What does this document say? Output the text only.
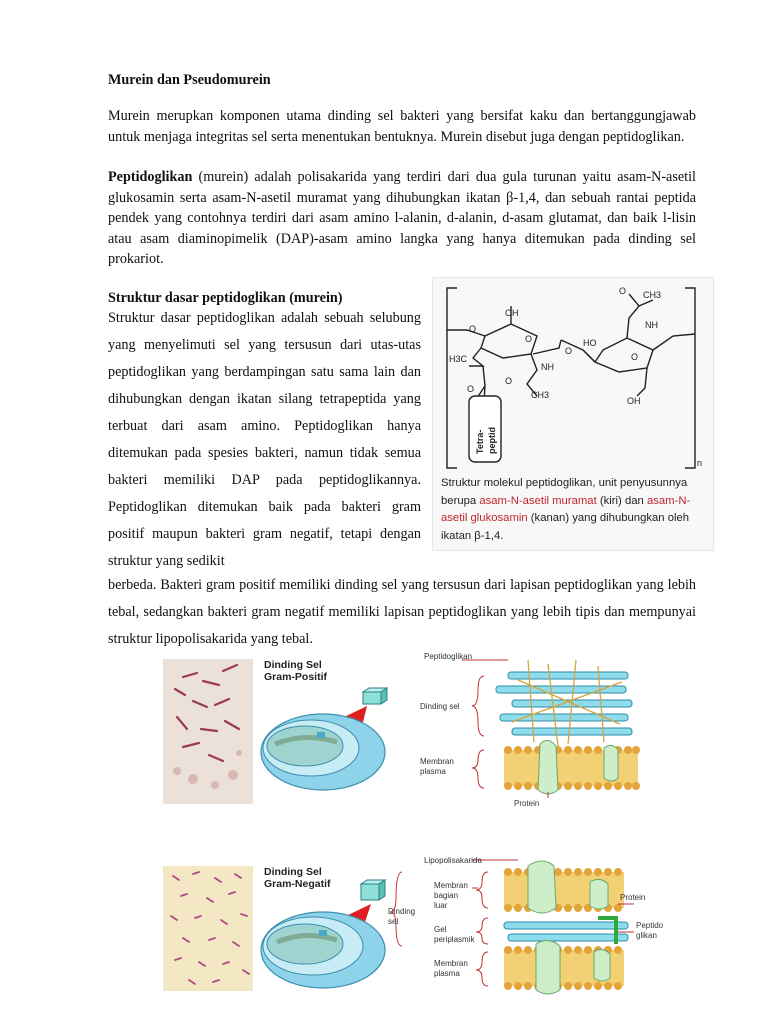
Murein dan Pseudomurein

Murein merupkan komponen utama dinding sel bakteri yang bersifat kaku dan bertanggungjawab untuk menjaga integritas sel serta menentukan bentuknya. Murein disebut juga dengan peptidoglikan.

Peptidoglikan (murein) adalah polisakarida yang terdiri dari dua gula turunan yaitu asam-N-asetil glukosamin serta asam-N-asetil muramat yang dihubungkan ikatan β-1,4, dan sebuah rantai peptida pendek yang contohnya terdiri dari asam amino l-alanin, d-alanin, d-asam glutamat, dan baik l-lisin atau asam diaminopimelik (DAP)-asam amino langka yang hanya ditemukan pada dinding sel prokariot.

Struktur dasar peptidoglikan (murein)

Struktur dasar peptidoglikan adalah sebuah selubung yang menyelimuti sel yang tersusun dari utas-utas peptidoglikan yang berdampingan satu sama lain dan dihubungkan dengan ikatan silang tetrapeptida yang terbuat dari asam amino. Peptidoglikan hanya ditemukan pada spesies bakteri, namun tidak semua bakteri memiliki DAP pada peptidoglikannya. Peptidoglikan ditemukan baik pada bakteri gram positif maupun bakteri gram negatif, tetapi dengan struktur yang sedikit

berbeda. Bakteri gram positif memiliki dinding sel yang tersusun dari lapisan peptidoglikan yang lebih tebal, sedangkan bakteri gram negatif memiliki lapisan peptidoglikan yang lebih tipis dan mempunyai struktur lipopolisakarida yang tebal.

OH
O
O
O
H3C
NH
O
CH3
O
CH3
O
NH
HO
O
OH
n
Tetra- peptid
Struktur molekul peptidoglikan, unit penyusunnya berupa asam-N-asetil muramat (kiri) dan asam-N-asetil glukosamin (kanan) yang dihubungkan oleh ikatan β-1,4.
Dinding Sel
Gram-Positif
Peptidoglikan
Dinding sel
Membran
plasma
Protein
Dinding Sel
Gram-Negatif
Lipopolisakarida
Dinding
sel
Membran
bagian
luar
Gel
periplasmik
Membran
plasma
Protein
Peptido
glikan
